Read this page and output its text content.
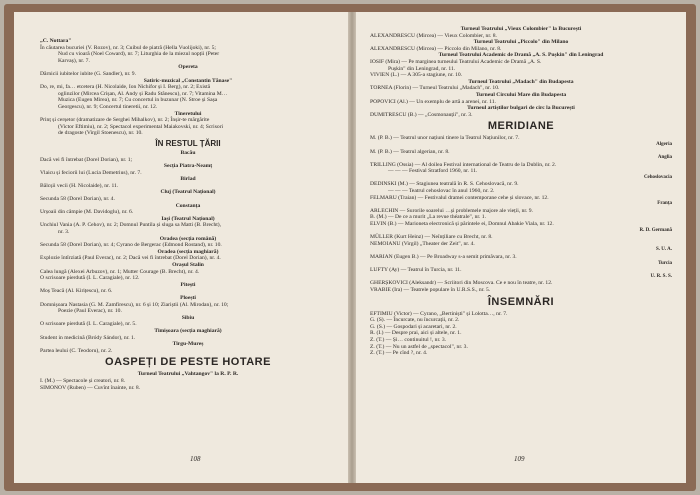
„C. Nottara"
În căutarea bucuriei (V. Rozov), nr. 3; Cuibul de piatră (Hella Vuolijoki), nr. 5;
Nud cu vioară (Noel Coward), nr. 7; Liturghia de la miezul nopții (Peter
Karvaș), nr. 7.
Opereta
Dărnicii iubitelor iubite (G. Sandler), nr. 9.
Satiric-muzical „Constantin Tănase"
Do, re, mi, fa… etcetera (H. Nicolaide, Ion Nichifor și I. Berg), nr. 2; Există
oglinzilor (Mircea Crișan, Al. Andy și Radu Stănescu), nr. 7; Vitamina M…
Muzica (Eugen Mirea), nr. 7; Cu concertul in buzunar (N. Stroe și Sașa
Georgescu), nr. 9; Concertul tineretii, nr. 12.
Tineretului
Prinț și cerșetor (dramatizare de Serghei Mihalkov), nr. 2; Înșir-te mărgărite
(Victor Eftimiu), nr. 2; Spectacol experimental Maiakovski, nr. 4; Scrisori
de dragoste (Virgil Stoenescu), nr. 10.
ÎN RESTUL ȚĂRII
Bacău
Dacă vei fi întrebat (Dorel Dorian), nr. 1;
Secția Piatra-Neamț
Vlaicu și feciorii lui (Lucia Demetrius), nr. 7.
Birlad
Bălcșii vecii (H. Nicolaide), nr. 11.
Cluj (Teatrul Național)
Secunda 58 (Dorel Dorian), nr. 4.
Constanța
Urșoaii din câmpie (M. Davidoglu), nr. 6.
Iași (Teatrul Național)
Unchiul Vania (A. P. Cehov), nr. 2; Domnul Puntila și sluga sa Matti (B. Brecht),
nr. 3.
Oradea (secția română)
Secunda 58 (Dorel Dorian), nr. 4; Cyrano de Bergerac (Edmond Rostand), nr. 10.
Oradea (secția maghiară)
Explozie întîrziată (Paul Everac), nr. 2; Dacă vei fi întrebat (Dorel Dorian), nr. 4.
Orașul Stalin
Calea lungă (Alexei Arbuzov), nr. 1; Mutter Courage (B. Brecht), nr. 4.
O scrisoare pierdută (I. L. Caragiale), nr. 12.
Pitești
Moș Teacă (Al. Kirițescu), nr. 6.
Ploești
Domnișoara Nastasia (G. M. Zamfirescu), nr. 6 și 10; Ziariștii (Al. Mirodan), nr. 10;
Poezie (Paul Everac), nr. 10.
Sibiu
O scrisoare pierdută (I. L. Caragiale), nr. 5.
Timișoara (secția maghiară)
Student in medicină (Bródy Sándor), nr. 1.
Tirgu-Mureș
Partea leului (C. Teodoru), nr. 2.
OASPEȚI DE PESTE HOTARE
Turneul Teatrului „Vahtangov" la R. P. R.
I. (M.) — Spectacole și creatori, nr. 8.
SIMONOV (Ruben) — Cuvînt înainte, nr. 8.
108
Turneul Teatrului „Vieux Colombier" la București
ALEXANDRESCU (Mircea) — Vieux Colombier, nr. 8.
Turneul Teatrului „Piccolo" din Milano
ALEXANDRESCU (Mircea) — Piccolo din Milano, nr. 8.
Turneul Teatrului Academic de Dramă „A. S. Pușkin" din Leningrad
IOSIF (Mira) — Pe marginea turneului Teatrului Academic de Dramă „A. S.
Pușkin" din Leningrad, nr. 11.
VIVIEN (L.) — A 305-a stagiune, nr. 10.
Turneul Teatrului „Madach" din Budapesta
TORNEA (Florin) — Turneul Teatrului „Madach", nr. 10.
Turneul Circului Mare din Budapesta
POPOVICI (Al.) — Un exemplu de artă a arenei, nr. 11.
Turneul artiștilor bulgari de circ la București
DUMITRESCU (B.) — „Cosmonauții", nr. 3.
MERIDIANE
M. (P. B.) — Teatrul unor națiuni tinere la Teatrul Națiunilor, nr. 7.
Algeria
M. (P. B.) — Teatrul algerian, nr. 8.
Anglia
TRILLING (Ossia) — Al doilea Festival international de Teatru de la Dublin, nr. 2.
— — — Festival Stratford 1960, nr. 11.
Cehoslovacia
DEDINSKI (M.) — Stagiunea teatrală în R. S. Cehoslovacă, nr. 9.
— — — Teatrul cehoslovac în anul 1960, nr. 2.
FELMARU (Traian) — Festivalul dramei contemporane cehe și slovace, nr. 12.
Franța
ARLECHIN — Surorile soarelui …și problemele majore ale vieții, nr. 9.
B. (M.) — De ce a murit „La revue théatrale", nr. 1.
ELVIN (B.) — Marioneta electronică și părintele ei, Domnul Abakie Viala, nr. 12.
R. D. Germană
MÜLLER (Kurt Heinz) — Neînțiliare cu Brecht, nr. 8.
NEMOIANU (Virgil) „Theater der Zeit", nr. 4.
S. U. A.
MARIAN (Eugen B.) — Pe Broadway s-a semit primăvara, nr. 3.
Turcia
LUFTY (Ay) — Teatrul în Turcia, nr. 11.
U. R. S. S.
GHERȘKOVICI (Aleksandr) — Scriitori din Moscova. Ce e nou în teatre, nr. 12.
VRABIE (Ira) — Teatrele populare în U.R.S.S., nr. 5.
ÎNSEMNĂRI
EFTIMIU (Victor) — Cyrano, „Bertiniști" și Lolotta…, nr. 7.
G. (S). — Încurcate, nu încurcații, nr. 2.
G. (S.) — Gospodari și acaretari, nr. 2.
R. (I.) — Despre prai, aici și altele, nr. 1.
Z. (T.) — Și… continuitul !, nr. 3.
Z. (T.) — Nu un astfel de „spectacol", nr. 3.
Z. (T.) — Pe cînd ?, nr. 4.
109
